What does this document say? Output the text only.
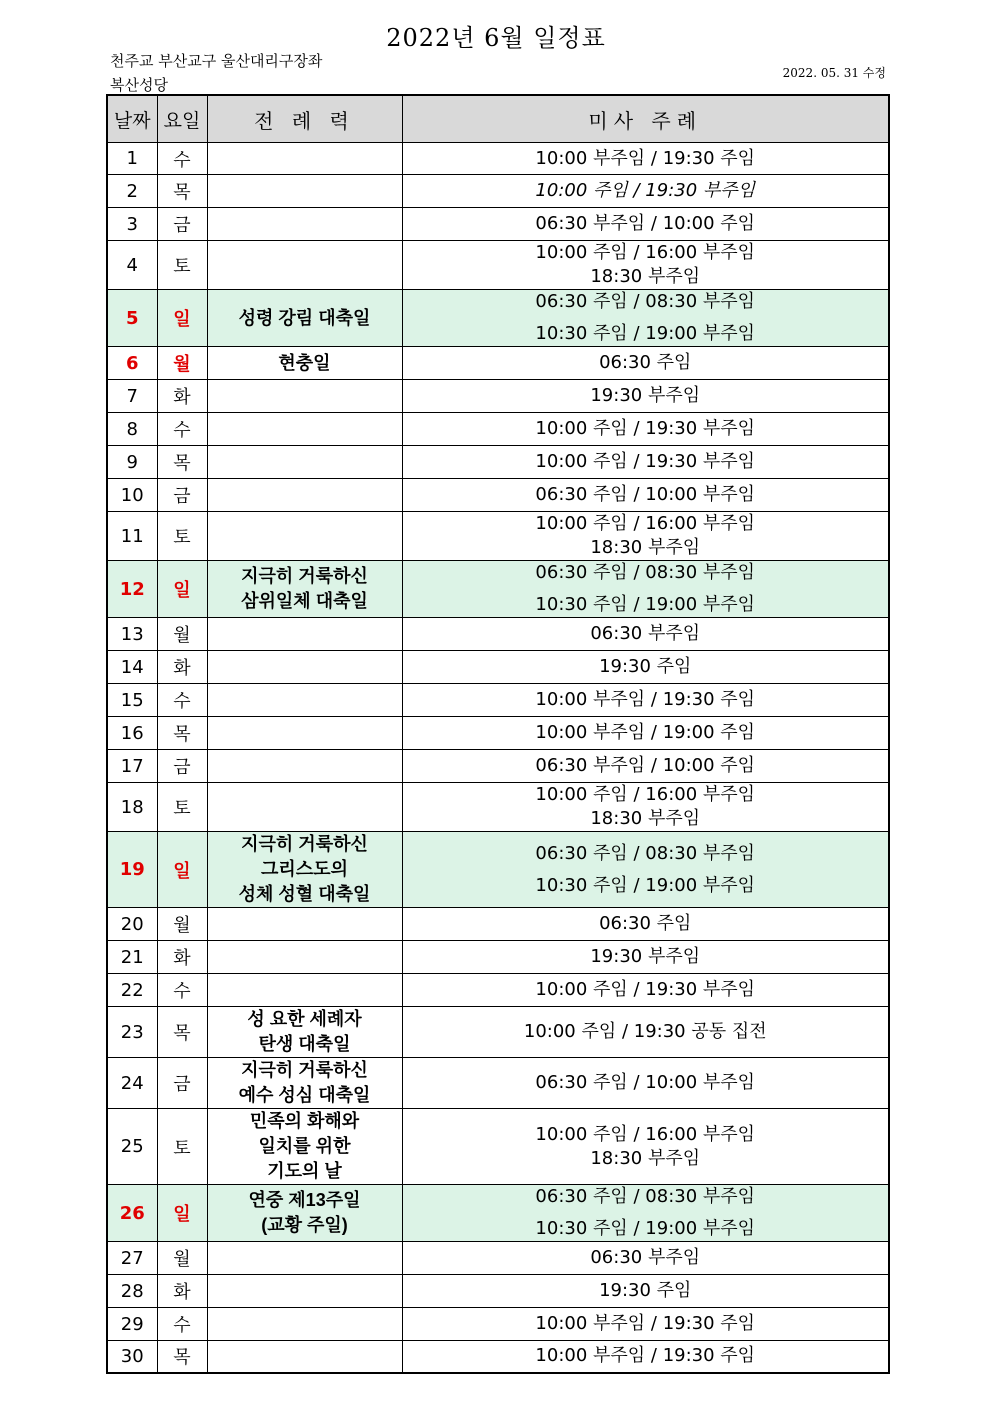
2022년 6월 일정표
천주교 부산교구 울산대리구장좌
복산성당
2022. 05. 31 수정
날짜	요일	전 례 력	미사 주례
1	수		10:00 부주임 / 19:30 주임

2	목		10:00 주임 / 19:30 부주임

3	금		06:30 부주임 / 10:00 주임

4	토		10:00 주임 / 16:00 부주임
18:30 부주임

5	일	성령 강림 대축일	06:30 주임 / 08:30 부주임
10:30 주임 / 19:00 부주임

6	월	현충일	06:30 주임

7	화		19:30 부주임

8	수		10:00 주임 / 19:30 부주임

9	목		10:00 주임 / 19:30 부주임

10	금		06:30 주임 / 10:00 부주임

11	토		10:00 주임 / 16:00 부주임
18:30 부주임

12	일	지극히 거룩하신
삼위일체 대축일	06:30 주임 / 08:30 부주임
10:30 주임 / 19:00 부주임

13	월		06:30 부주임

14	화		19:30 주임

15	수		10:00 부주임 / 19:30 주임

16	목		10:00 부주임 / 19:00 주임

17	금		06:30 부주임 / 10:00 주임

18	토		10:00 주임 / 16:00 부주임
18:30 부주임

19	일	지극히 거룩하신
그리스도의
성체 성혈 대축일	06:30 주임 / 08:30 부주임
10:30 주임 / 19:00 부주임

20	월		06:30 주임

21	화		19:30 부주임

22	수		10:00 주임 / 19:30 부주임

23	목	성 요한 세례자
탄생 대축일	10:00 주임 / 19:30 공동 집전

24	금	지극히 거룩하신
예수 성심 대축일	06:30 주임 / 10:00 부주임

25	토	민족의 화해와
일치를 위한
기도의 날	10:00 주임 / 16:00 부주임
18:30 부주임

26	일	연중 제13주일
(교황 주일)	06:30 주임 / 08:30 부주임
10:30 주임 / 19:00 부주임

27	월		06:30 부주임

28	화		19:30 주임

29	수		10:00 부주임 / 19:30 주임

30	목		10:00 부주임 / 19:30 주임
